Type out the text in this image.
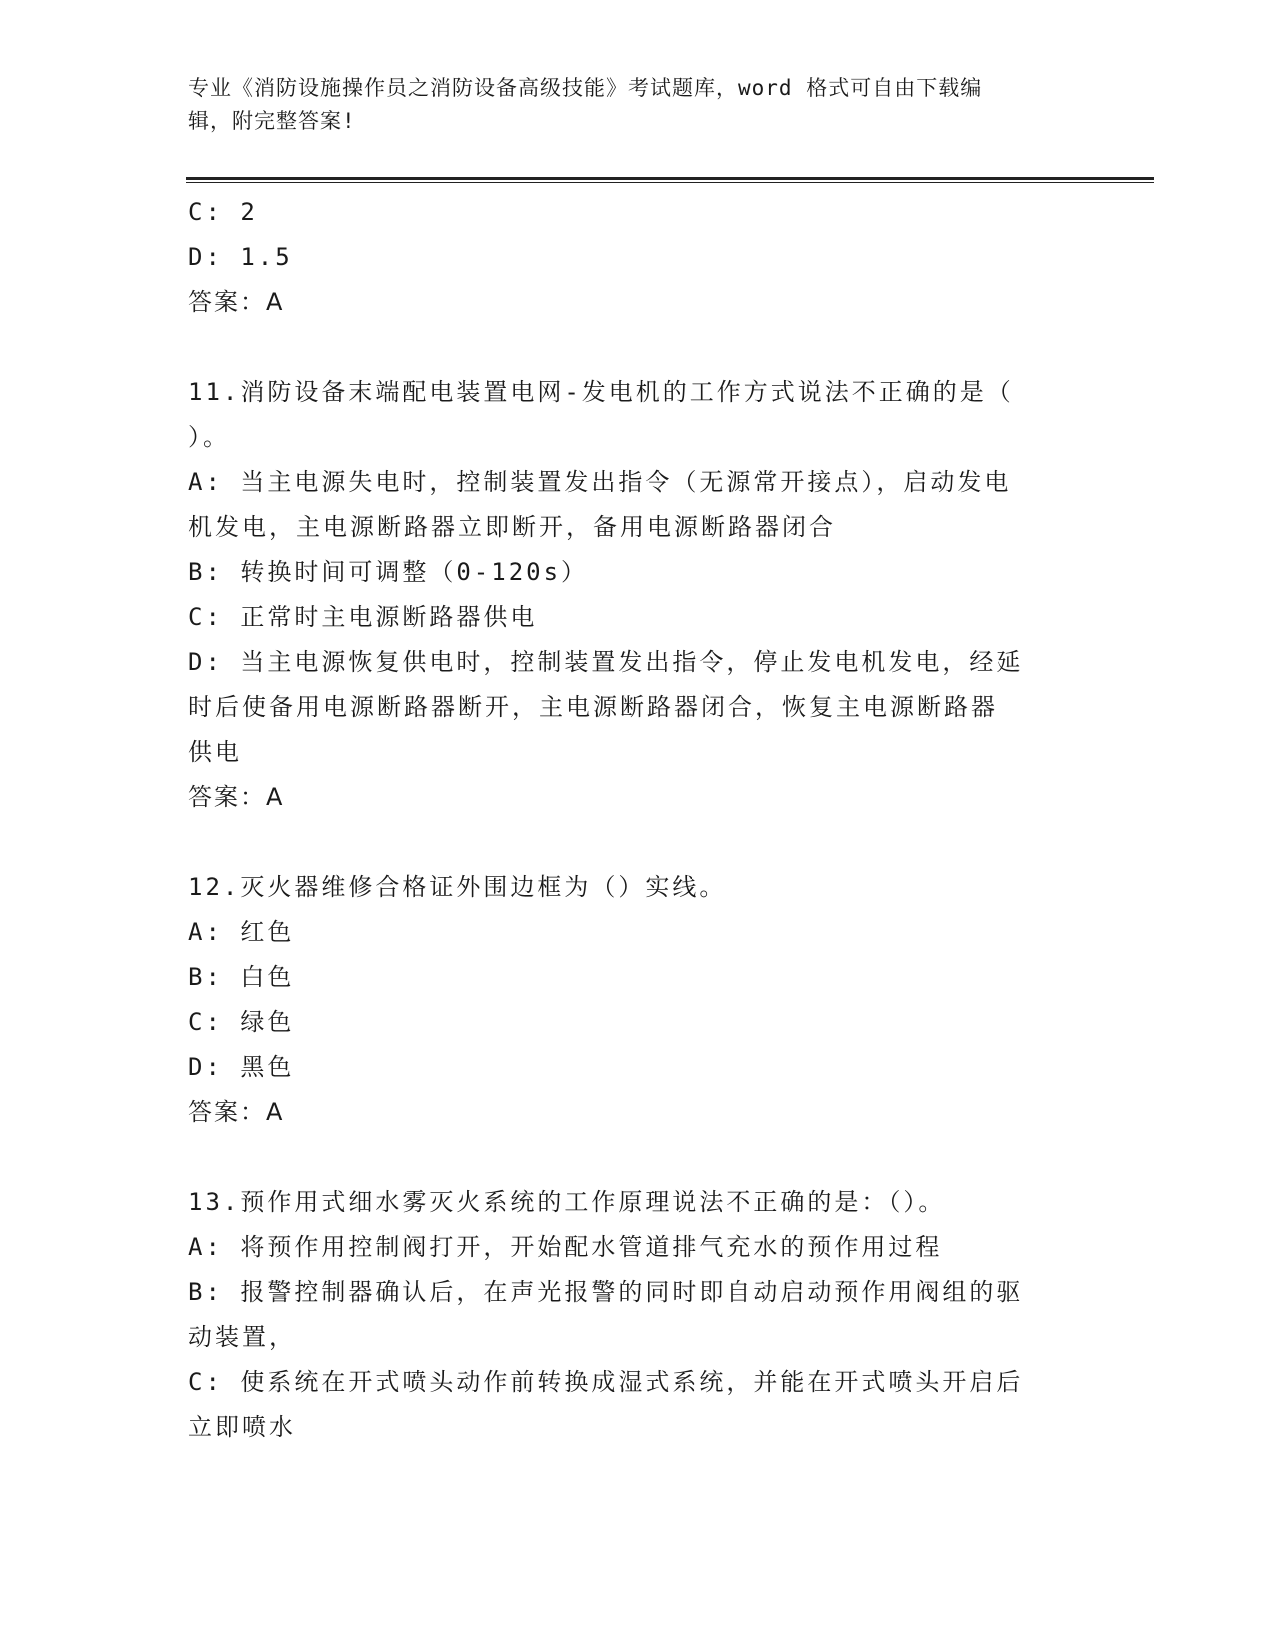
专业《消防设施操作员之消防设备高级技能》考试题库，word 格式可自由下载编
辑，附完整答案!
C: 2
D: 1.5
答案：A
11.消防设备末端配电装置电网-发电机的工作方式说法不正确的是（
）。
A: 当主电源失电时，控制装置发出指令（无源常开接点），启动发电
机发电，主电源断路器立即断开，备用电源断路器闭合
B: 转换时间可调整（0-120s）
C: 正常时主电源断路器供电
D: 当主电源恢复供电时，控制装置发出指令，停止发电机发电，经延
时后使备用电源断路器断开，主电源断路器闭合，恢复主电源断路器
供电
答案：A
12.灭火器维修合格证外围边框为（）实线。
A: 红色
B: 白色
C: 绿色
D: 黑色
答案：A
13.预作用式细水雾灭火系统的工作原理说法不正确的是：（）。
A: 将预作用控制阀打开，开始配水管道排气充水的预作用过程
B: 报警控制器确认后，在声光报警的同时即自动启动预作用阀组的驱
动装置，
C: 使系统在开式喷头动作前转换成湿式系统，并能在开式喷头开启后
立即喷水
